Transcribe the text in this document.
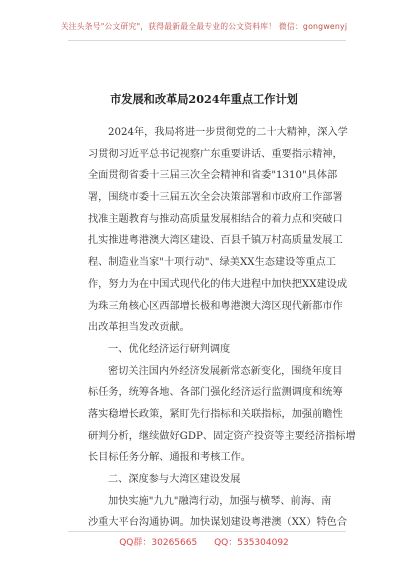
关注头条号"公文研究"，获得最新最全最专业的公文资料库！ 微信：gongwenyj
市发展和改革局2024年重点工作计划
2024年，我局将进一步贯彻党的二十大精神，深入学
习贯彻习近平总书记视察广东重要讲话、重要指示精神，
全面贯彻省委十三届三次全会精神和省委"1310"具体部
署，围绕市委十三届五次全会决策部署和市政府工作部署
找准主题教育与推动高质量发展相结合的着力点和突破口
扎实推进粤港澳大湾区建设、百县千镇万村高质量发展工
程、制造业当家"十项行动"、绿美XX生态建设等重点工
作，努力为在中国式现代化的伟大进程中加快把XX建设成
为珠三角核心区西部增长极和粤港澳大湾区现代新都市作
出改革担当发改贡献。
一、优化经济运行研判调度
密切关注国内外经济发展新常态新变化，围绕年度目
标任务，统筹各地、各部门强化经济运行监测调度和统筹
落实稳增长政策，紧盯先行指标和关联指标，加强前瞻性
研判分析，继续做好GDP、固定资产投资等主要经济指标增
长目标任务分解、通报和考核工作。
二、深度参与大湾区建设发展
加快实施"九九"融湾行动，加强与横琴、前海、南
沙重大平台沟通协调。加快谋划建设粤港澳（XX）特色合
QQ群：30265665 QQ：535304092
